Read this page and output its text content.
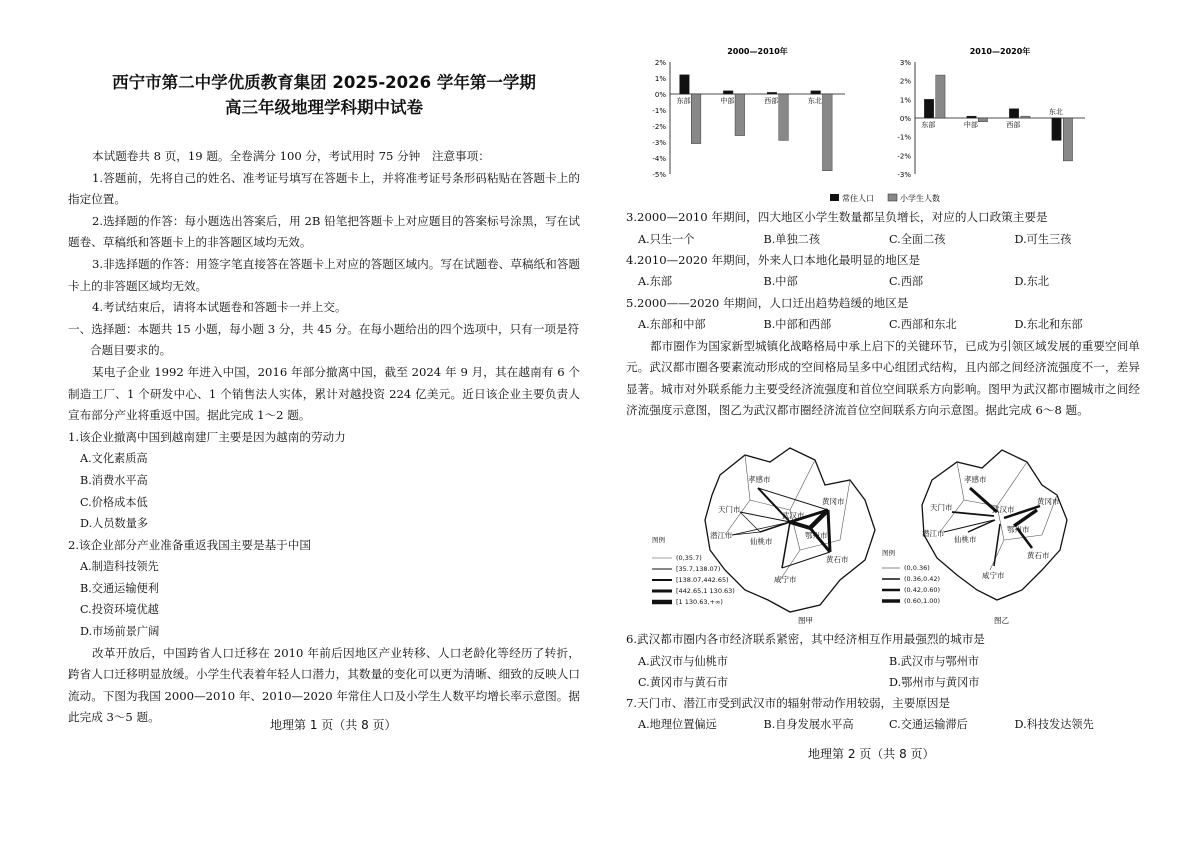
西宁市第二中学优质教育集团 2025-2026 学年第一学期
高三年级地理学科期中试卷

本试题卷共 8 页，19 题。全卷满分 100 分，考试用时 75 分钟　注意事项：

1.答题前，先将自己的姓名、准考证号填写在答题卡上，并将准考证号条形码粘贴在答题卡上的指定位置。

2.选择题的作答：每小题选出答案后，用 2B 铅笔把答题卡上对应题目的答案标号涂黑，写在试题卷、草稿纸和答题卡上的非答题区域均无效。

3.非选择题的作答：用签字笔直接答在答题卡上对应的答题区域内。写在试题卷、草稿纸和答题卡上的非答题区域均无效。

4.考试结束后，请将本试题卷和答题卡一并上交。

一、选择题：本题共 15 小题，每小题 3 分，共 45 分。在每小题给出的四个选项中，只有一项是符合题目要求的。

某电子企业 1992 年进入中国，2016 年部分撤离中国，截至 2024 年 9 月，其在越南有 6 个制造工厂、1 个研发中心、1 个销售法人实体，累计对越投资 224 亿美元。近日该企业主要负责人宣布部分产业将重返中国。据此完成 1～2 题。

1.该企业撤离中国到越南建厂主要是因为越南的劳动力

A.文化素质高

B.消费水平高

C.价格成本低

D.人员数量多

2.该企业部分产业准备重返我国主要是基于中国

A.制造科技领先

B.交通运输便利

C.投资环境优越

D.市场前景广阔

改革开放后，中国跨省人口迁移在 2010 年前后因地区产业转移、人口老龄化等经历了转折，跨省人口迁移明显放缓。小学生代表着年轻人口潜力，其数量的变化可以更为清晰、细致的反映人口流动。下图为我国 2000—2010 年、2010—2020 年常住人口及小学生人数平均增长率示意图。据此完成 3～5 题。

地理第 1 页（共 8 页）
2000—2010年
2%
1%
0%
-1%
-2%
-3%
-4%
-5%
东部	中部	西部	东北
2010—2020年
3%
2%
1%
0%
-1%
-2%
-3%
东部	中部	西部
东北
常住人口	小学生人数

3.2000—2010 年期间，四大地区小学生数量都呈负增长，对应的人口政策主要是

A.只生一个	B.单独二孩	C.全面二孩	D.可生三孩

4.2010—2020 年期间，外来人口本地化最明显的地区是

A.东部	B.中部	C.西部	D.东北

5.2000——2020 年期间，人口迁出趋势趋缓的地区是

A.东部和中部	B.中部和西部	C.西部和东北	D.东北和东部

都市圈作为国家新型城镇化战略格局中承上启下的关键环节，已成为引领区域发展的重要空间单元。武汉都市圈各要素流动形成的空间格局呈多中心组团式结构，且内部之间经济流强度不一，差异显著。城市对外联系能力主要受经济流强度和首位空间联系方向影响。图甲为武汉都市圈城市之间经济流强度示意图，图乙为武汉都市圈经济流首位空间联系方向示意图。据此完成 6～8 题。

孝感市
天门市
武汉市
黄冈市
潜江市
仙桃市
鄂州市
黄石市
咸宁市
图例
(0,35.7)
[35.7,138.07)
[138.07,442.65)
[442.65,1 130.63)
[1 130.63,+∞)
图甲
孝感市
天门市	武汉市
黄冈市
潜江市
仙桃市
鄂州市
黄石市
咸宁市
图例
(0,0.36)
(0.36,0.42)
(0.42,0.60)
(0.60,1.00)
图乙

6.武汉都市圈内各市经济联系紧密，其中经济相互作用最强烈的城市是

A.武汉市与仙桃市	B.武汉市与鄂州市
C.黄冈市与黄石市	D.鄂州市与黄冈市

7.天门市、潜江市受到武汉市的辐射带动作用较弱，主要原因是

A.地理位置偏远	B.自身发展水平高	C.交通运输滞后	D.科技发达领先
地理第 2 页（共 8 页）
